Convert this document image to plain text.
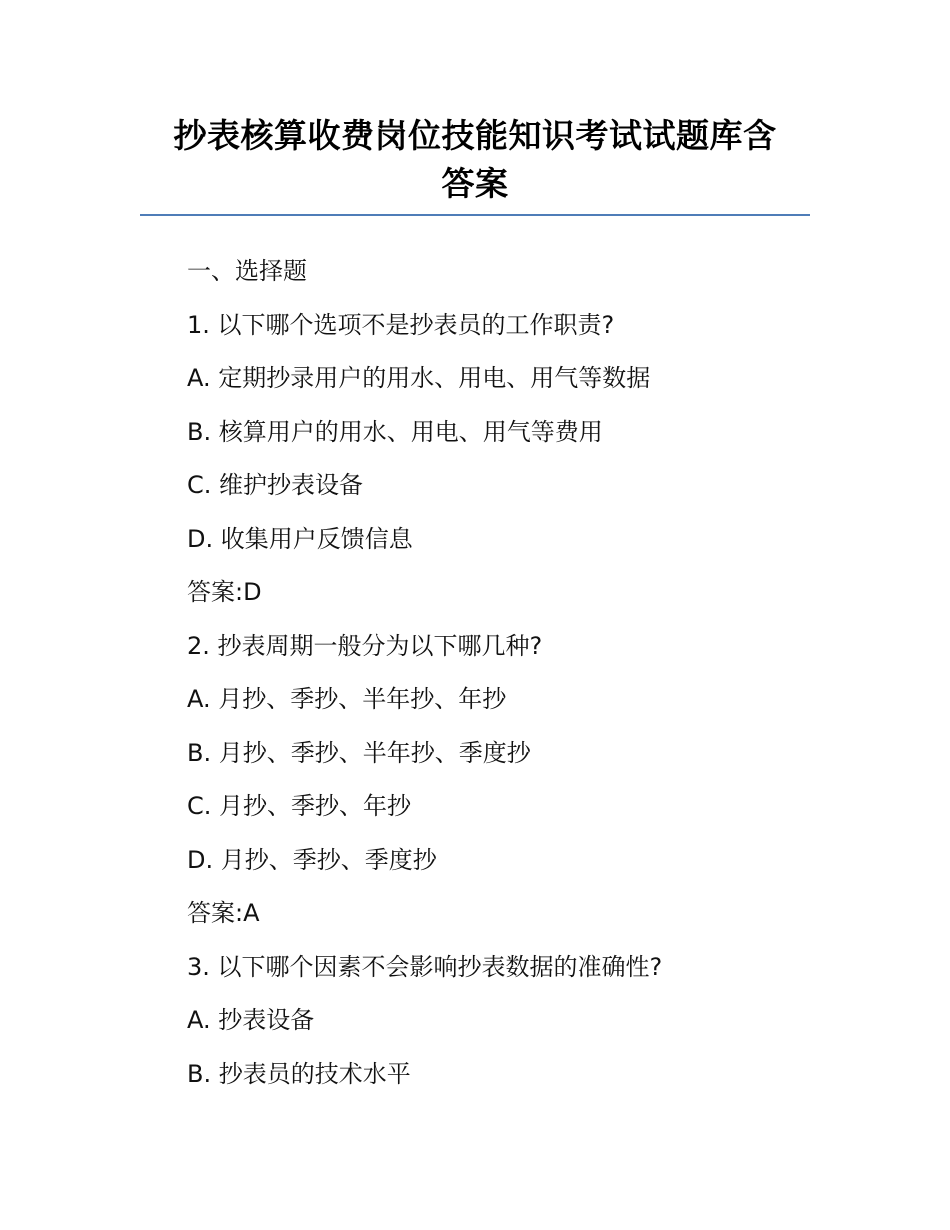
抄表核算收费岗位技能知识考试试题库含
答案
一、选择题
1. 以下哪个选项不是抄表员的工作职责?
A. 定期抄录用户的用水、用电、用气等数据
B. 核算用户的用水、用电、用气等费用
C. 维护抄表设备
D. 收集用户反馈信息
答案:D
2. 抄表周期一般分为以下哪几种?
A. 月抄、季抄、半年抄、年抄
B. 月抄、季抄、半年抄、季度抄
C. 月抄、季抄、年抄
D. 月抄、季抄、季度抄
答案:A
3. 以下哪个因素不会影响抄表数据的准确性?
A. 抄表设备
B. 抄表员的技术水平
